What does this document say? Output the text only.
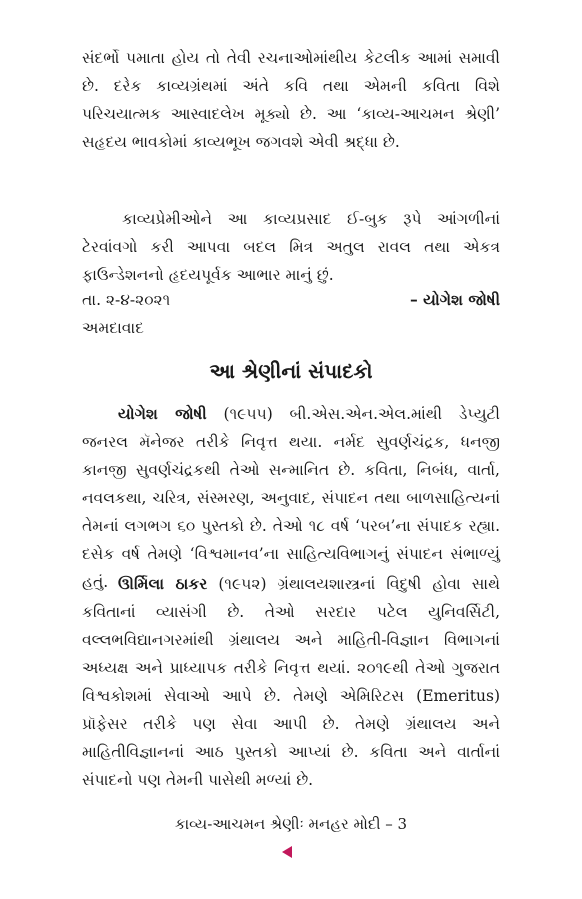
સંદર્ભો પમાતા હોય તો તેવી રચનાઓમાંથીય કેટલીક આમાં સમાવી છે. દરેક કાવ્યગ્રંથમાં અંતે કવિ તથા એમની કવિતા વિશે પરિચયાત્મક આસ્વાદલેખ મૂક્યો છે. આ ‘કાવ્ય-આચમન શ્રેણી’ સહૃદય ભાવકોમાં કાવ્યભૂખ જગવશે એવી શ્રદ્ધા છે.

કાવ્યપ્રેમીઓને આ કાવ્યપ્રસાદ ઈ-બુક રૂપે આંગળીનાં ટેરવાંવગો કરી આપવા બદલ મિત્ર અતુલ રાવલ તથા એકત્ર ફાઉન્ડેશનનો હૃદયપૂર્વક આભાર માનું છું.

તા. ૨-૪-૨૦૨૧	– યોગેશ જોષી
અમદાવાદ
આ શ્રેણીનાં સંપાદકો

યોગેશ જોષી (૧૯૫૫) બી.એસ.એન.એલ.માંથી ડેપ્યુટી જનરલ મૅનેજર તરીકે નિવૃત્ત થયા. નર્મદ સુવર્ણચંદ્રક, ધનજી કાનજી સુવર્ણચંદ્રકથી તેઓ સન્માનિત છે. કવિતા, નિબંધ, વાર્તા, નવલકથા, ચરિત્ર, સંસ્મરણ, અનુવાદ, સંપાદન તથા બાળસાહિત્યનાં તેમનાં લગભગ ૬૦ પુસ્તકો છે. તેઓ ૧૮ વર્ષ ‘પરબ’ના સંપાદક રહ્યા. દસેક વર્ષ તેમણે ‘વિશ્વમાનવ’ના સાહિત્યવિભાગનું સંપાદન સંભાળ્યું હતું. ઊર્મિલા ઠાકર (૧૯૫૨) ગ્રંથાલયશાસ્ત્રનાં વિદુષી હોવા સાથે કવિતાનાં વ્યાસંગી છે. તેઓ સરદાર પટેલ યુનિવર્સિટી, વલ્લભવિદ્યાનગરમાંથી ગ્રંથાલય અને માહિતી-વિજ્ઞાન વિભાગનાં અધ્યક્ષ અને પ્રાધ્યાપક તરીકે નિવૃત્ત થયાં. ૨૦૧૯થી તેઓ ગુજરાત વિશ્વકોશમાં સેવાઓ આપે છે. તેમણે એમિરિટસ (Emeritus) પ્રૉફેસર તરીકે પણ સેવા આપી છે. તેમણે ગ્રંથાલય અને માહિતીવિજ્ઞાનનાં આઠ પુસ્તકો આપ્યાં છે. કવિતા અને વાર્તાનાં સંપાદનો પણ તેમની પાસેથી મળ્યાં છે.

કાવ્ય-આચમન શ્રેણીઃ મનહર મોદી – 3
